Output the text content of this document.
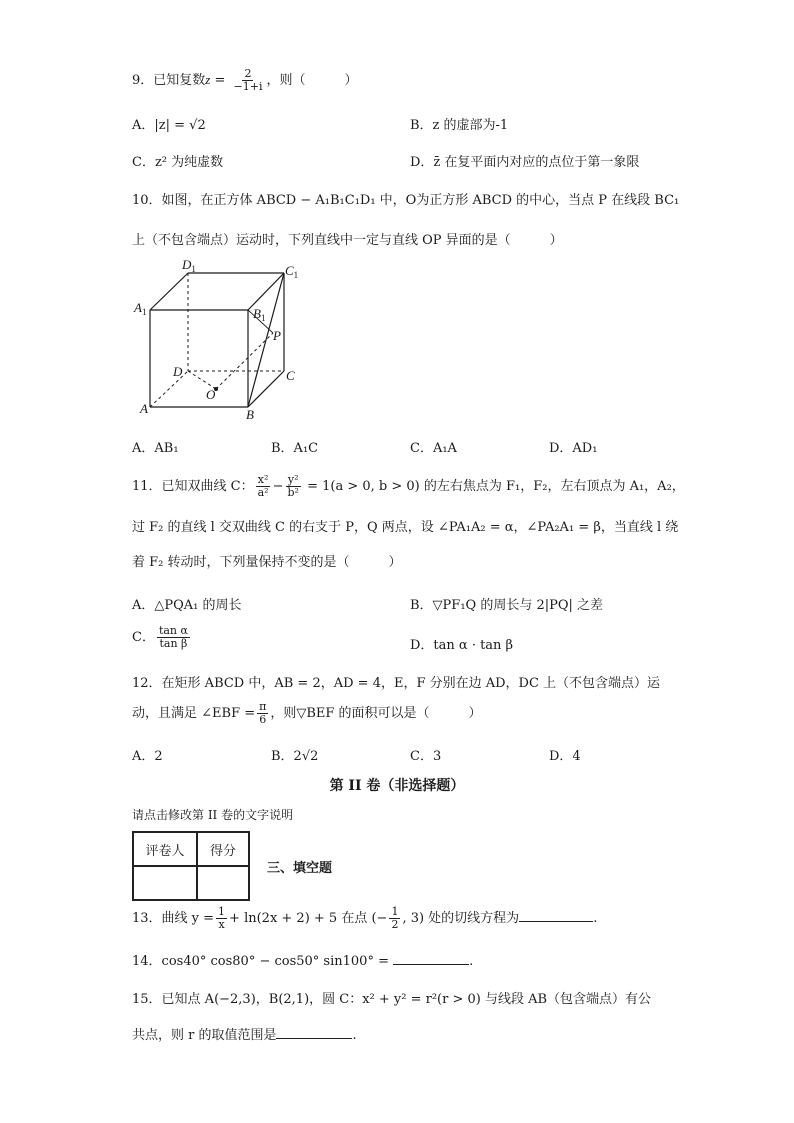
9．已知复数$z = \frac{2}{-1+i}$ ，则（　　　）
A．|z| = √2	B．z 的虚部为-1
C．z² 为纯虚数	D．z̄ 在复平面内对应的点位于第一象限
10．如图，在正方体 ABCD − A₁B₁C₁D₁ 中，O为正方形 ABCD 的中心，当点 P 在线段 BC₁
上（不包含端点）运动时，下列直线中一定与直线 OP 异面的是（　　　）
$D_1$	$C_1$
$A_1$	$B_1$
P
D	C
O
A	B
A．AB₁	B．A₁C	C．A₁A	D．AD₁
11．已知双曲线 C： $\frac{\text{x²}}{\text{a²}} - \frac{\text{y²}}{\text{b²}} = 1(a > 0$, b > 0) 的左右焦点为 F₁，F₂，左右顶点为 A₁，A₂，
过 F₂ 的直线 l 交双曲线 C 的右支于 P，Q 两点，设 ∠PA₁A₂ = α，∠PA₂A₁ = β，当直线 l 绕
着 F₂ 转动时，下列量保持不变的是（　　　）
A．△PQA₁ 的周长	B．▽PF₁Q 的周长与 2|PQ| 之差
C． $\frac{\text{tan α}}{\text{tan β}}$	D．tan α · tan β
12．在矩形 ABCD 中，AB = 2，AD = 4，E，F 分别在边 AD，DC 上（不包含端点）运
动，且满足 ∠EBF = $\frac{\pi}{6}$ ，则▽BEF 的面积可以是（　　　）
A．2	B．2√2	C．3	D．4
第 II 卷（非选择题）
请点击修改第 II 卷的文字说明
评卷人	得分

三、填空题
13．曲线 $y = \frac{1}{x} + \ln(2x + 2) + 5$ 在点 (− $\frac{1}{2}$ , 3) 处的切线方程为	.
14．cos40° cos80° − cos50° sin100° =	.
15．已知点 A(−2,3)，B(2,1)，圆 C：x² + y² = r²(r > 0) 与线段 AB（包含端点）有公
共点，则 r 的取值范围是	.
